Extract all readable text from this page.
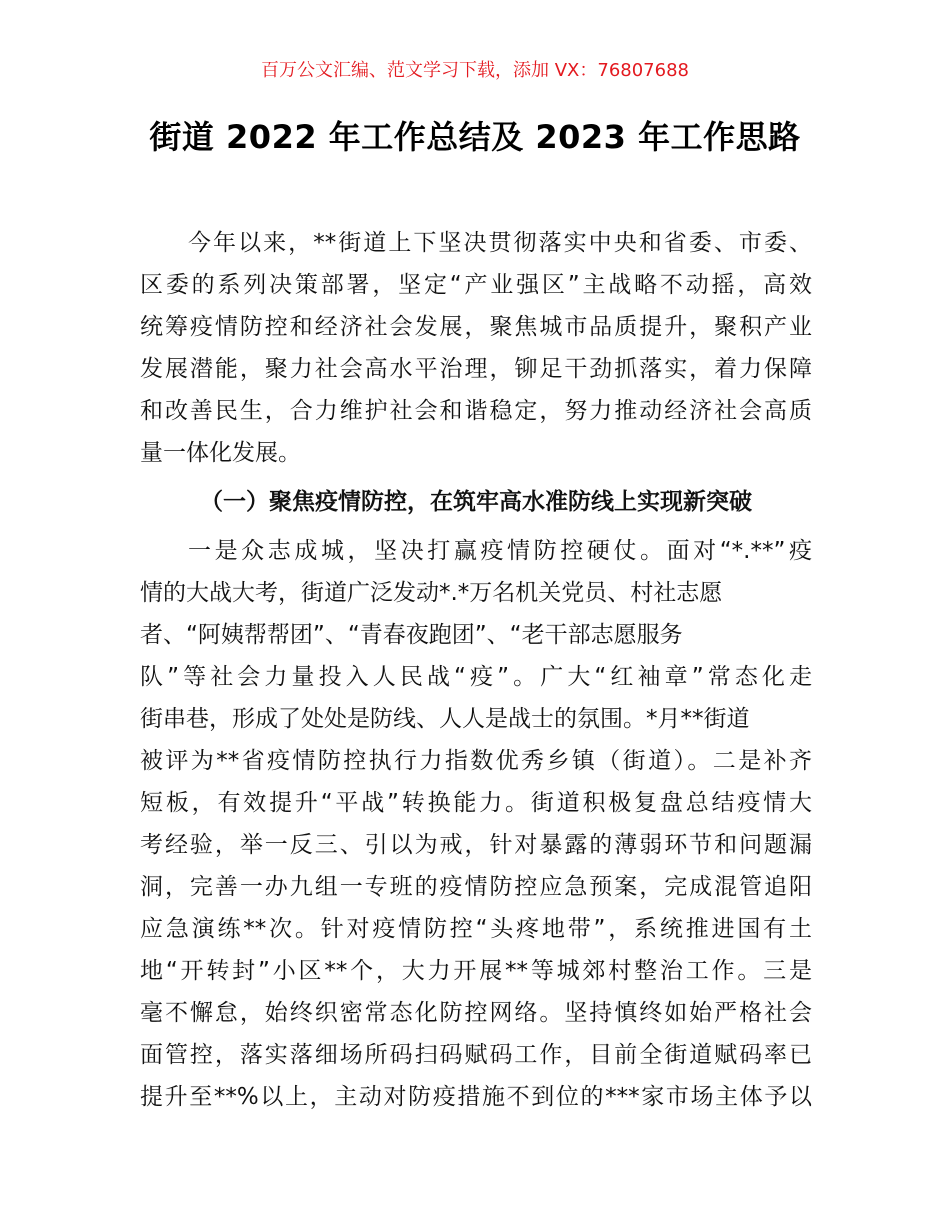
百万公文汇编、范文学习下载，添加 VX：76807688
街道 2022 年工作总结及 2023 年工作思路
今年以来，**街道上下坚决贯彻落实中央和省委、市委、
区委的系列决策部署，坚定“产业强区”主战略不动摇，高效
统筹疫情防控和经济社会发展，聚焦城市品质提升，聚积产业
发展潜能，聚力社会高水平治理，铆足干劲抓落实，着力保障
和改善民生，合力维护社会和谐稳定，努力推动经济社会高质
量一体化发展。
（一）聚焦疫情防控，在筑牢高水准防线上实现新突破
一是众志成城，坚决打赢疫情防控硬仗。面对“*.**”疫
情的大战大考，街道广泛发动*.*万名机关党员、村社志愿
者、“阿姨帮帮团”、“青春夜跑团”、“老干部志愿服务
队”等社会力量投入人民战“疫”。广大“红袖章”常态化走
街串巷，形成了处处是防线、人人是战士的氛围。*月**街道
被评为**省疫情防控执行力指数优秀乡镇（街道）。二是补齐
短板，有效提升“平战”转换能力。街道积极复盘总结疫情大
考经验，举一反三、引以为戒，针对暴露的薄弱环节和问题漏
洞，完善一办九组一专班的疫情防控应急预案，完成混管追阳
应急演练**次。针对疫情防控“头疼地带”，系统推进国有土
地“开转封”小区**个，大力开展**等城郊村整治工作。三是
毫不懈怠，始终织密常态化防控网络。坚持慎终如始严格社会
面管控，落实落细场所码扫码赋码工作，目前全街道赋码率已
提升至**%以上，主动对防疫措施不到位的***家市场主体予以
